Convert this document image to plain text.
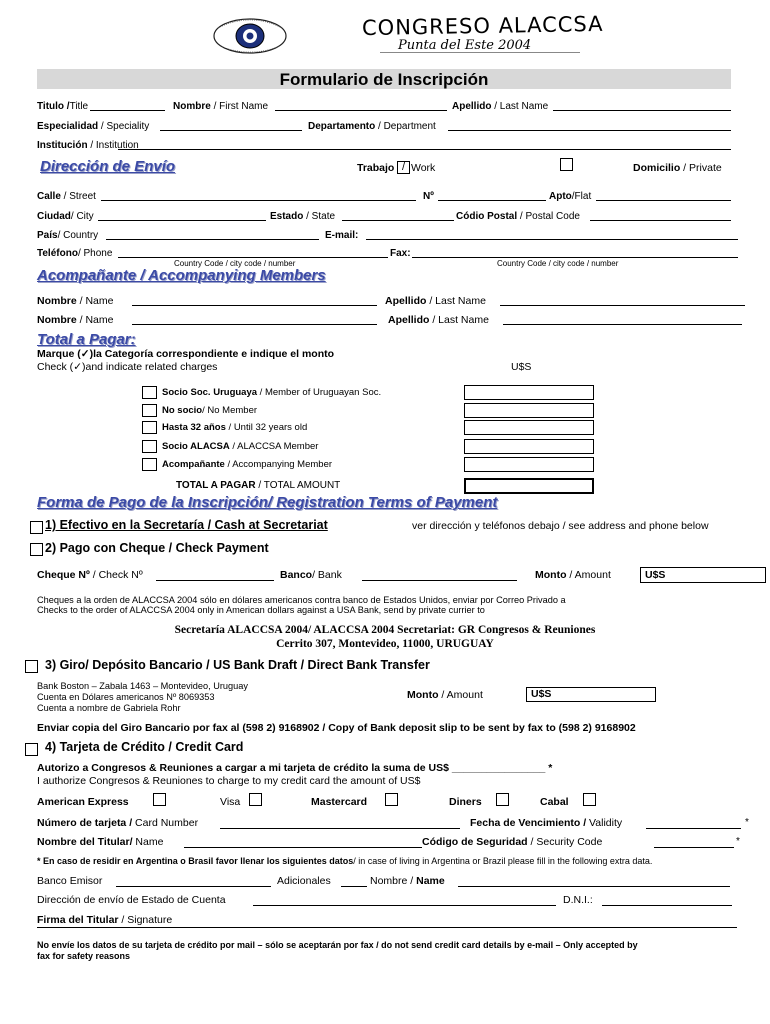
CONGRESO ALACCSA
Punta del Este 2004
Formulario de Inscripción
Titulo /Title	Nombre / First Name	Apellido / Last Name
Especialidad / Speciality	Departamento / Department
Institución / Institution
Dirección de Envío	Trabajo / Work	Domicilio / Private
Calle / Street	Nº	Apto/Flat
Ciudad/ City	Estado / State	Códio Postal / Postal Code
País/ Country	E-mail:
Teléfono/ Phone	Fax:
Country Code / city code / number	Country Code / city code / number
Acompañante / Accompanying Members
Nombre / Name	Apellido / Last Name
Nombre / Name	Apellido / Last Name
Total a Pagar:
Marque (✓)la Categoría correspondiente e indique el monto
Check (✓)and indicate related charges	U$S
Socio Soc. Uruguaya / Member of Uruguayan Soc.
No socio/ No Member
Hasta 32 años / Until 32 years old
Socio ALACSA / ALACCSA Member
Acompañante / Accompanying Member
TOTAL A PAGAR / TOTAL AMOUNT
Forma de Pago de la Inscripción/ Registration Terms of Payment
1) Efectivo en la Secretaría / Cash at Secretariat	ver dirección y teléfonos debajo / see address and phone below
2) Pago con Cheque / Check Payment
Cheque Nº / Check Nº	Banco/ Bank	Monto / Amount	U$S
Cheques a la orden de ALACCSA 2004 sólo en dólares americanos contra banco de Estados Unidos, enviar por Correo Privado a
Checks to the order of ALACCSA 2004 only in American dollars against a USA Bank, send by private currier to
Secretaría ALACCSA 2004/ ALACCSA 2004 Secretariat: GR Congresos & Reuniones
Cerrito 307, Montevideo, 11000, URUGUAY
3) Giro/ Depósito Bancario / US Bank Draft / Direct Bank Transfer
Bank Boston – Zabala 1463 – Montevideo, Uruguay
Cuenta en Dólares americanos Nº 8069353
Cuenta a nombre de Gabriela Rohr
Monto / Amount	U$S
Enviar copia del Giro Bancario por fax al (598 2) 9168902 / Copy of Bank deposit slip to be sent by fax to (598 2) 9168902
4) Tarjeta de Crédito / Credit Card
Autorizo a Congresos & Reuniones a cargar a mi tarjeta de crédito la suma de US$ ________________ *
I authorize Congresos & Reuniones to charge to my credit card the amount of US$
American Express	Visa	Mastercard	Diners	Cabal
Número de tarjeta / Card Number	Fecha de Vencimiento / Validity	*
Nombre del Titular/ Name	Código de Seguridad / Security Code	*
* En caso de residir en Argentina o Brasil favor llenar los siguientes datos/ in case of living in Argentina or Brazil please fill in the following extra data.
Banco Emisor	Adicionales	Nombre / Name
Dirección de envío de Estado de Cuenta	D.N.I.:
Firma del Titular / Signature
No envíe los datos de su tarjeta de crédito por mail – sólo se aceptarán por fax / do not send credit card details by e-mail – Only accepted by
fax for safety reasons
